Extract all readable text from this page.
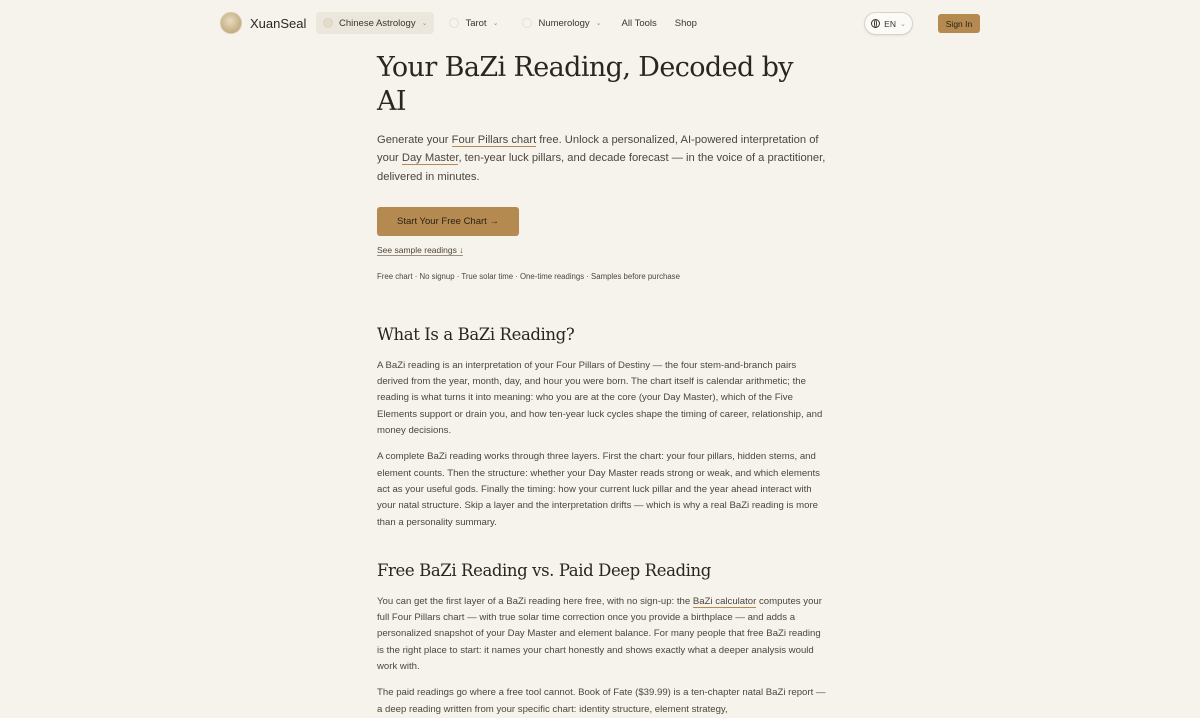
XuanSeal	Chinese Astrology ⌄	Tarot ⌄	Numerology ⌄ All Tools Shop	EN ⌄	Sign In
Your BaZi Reading, Decoded by AI

Generate your Four Pillars chart free. Unlock a personalized, AI-powered interpretation of your Day Master, ten-year luck pillars, and decade forecast — in the voice of a practitioner, delivered in minutes.

Start Your Free Chart →
See sample readings ↓

Free chart · No signup · True solar time · One-time readings · Samples before purchase

What Is a BaZi Reading?

A BaZi reading is an interpretation of your Four Pillars of Destiny — the four stem-and-branch pairs derived from the year, month, day, and hour you were born. The chart itself is calendar arithmetic; the reading is what turns it into meaning: who you are at the core (your Day Master), which of the Five Elements support or drain you, and how ten-year luck cycles shape the timing of career, relationship, and money decisions.

A complete BaZi reading works through three layers. First the chart: your four pillars, hidden stems, and element counts. Then the structure: whether your Day Master reads strong or weak, and which elements act as your useful gods. Finally the timing: how your current luck pillar and the year ahead interact with your natal structure. Skip a layer and the interpretation drifts — which is why a real BaZi reading is more than a personality summary.

Free BaZi Reading vs. Paid Deep Reading

You can get the first layer of a BaZi reading here free, with no sign-up: the BaZi calculator computes your full Four Pillars chart — with true solar time correction once you provide a birthplace — and adds a personalized snapshot of your Day Master and element balance. For many people that free BaZi reading is the right place to start: it names your chart honestly and shows exactly what a deeper analysis would work with.

The paid readings go where a free tool cannot. Book of Fate ($39.99) is a ten-chapter natal BaZi report — a deep reading written from your specific chart: identity structure, element strategy,
